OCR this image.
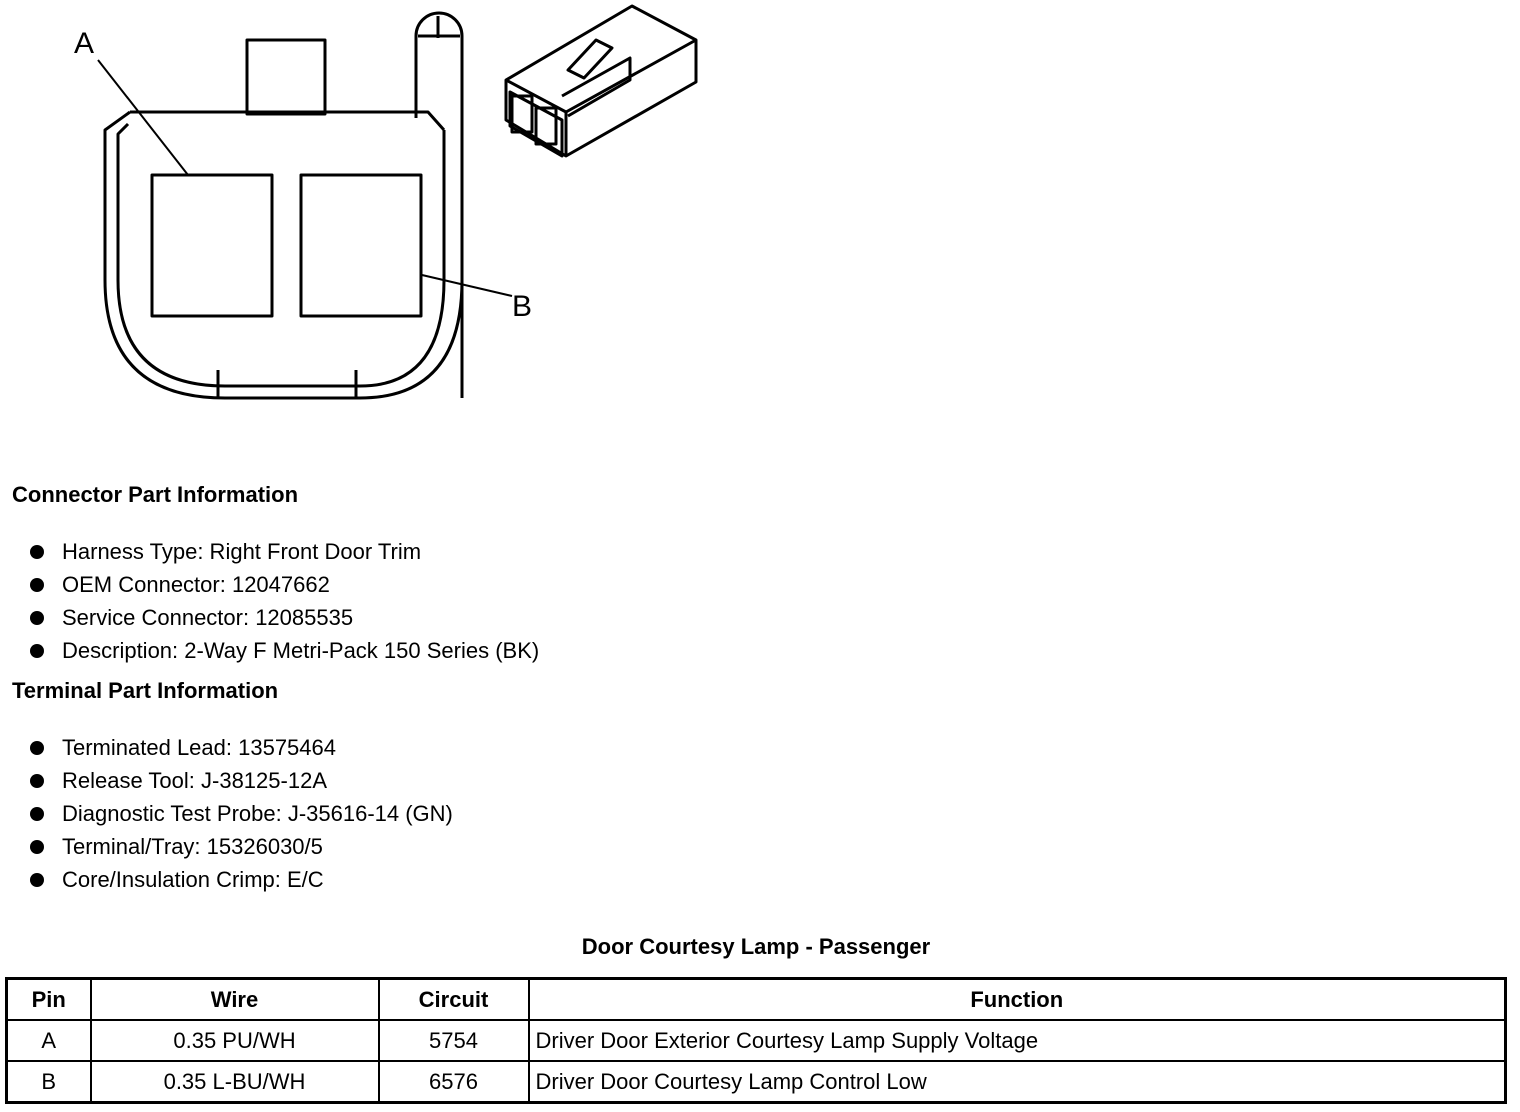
A
B
Connector Part Information
Harness Type: Right Front Door Trim
OEM Connector: 12047662
Service Connector: 12085535
Description: 2-Way F Metri-Pack 150 Series (BK)
Terminal Part Information
Terminated Lead: 13575464
Release Tool: J-38125-12A
Diagnostic Test Probe: J-35616-14 (GN)
Terminal/Tray: 15326030/5
Core/Insulation Crimp: E/C
Door Courtesy Lamp - Passenger
Pin	Wire	Circuit	Function
A	0.35 PU/WH	5754	Driver Door Exterior Courtesy Lamp Supply Voltage
B	0.35 L-BU/WH	6576	Driver Door Courtesy Lamp Control Low
